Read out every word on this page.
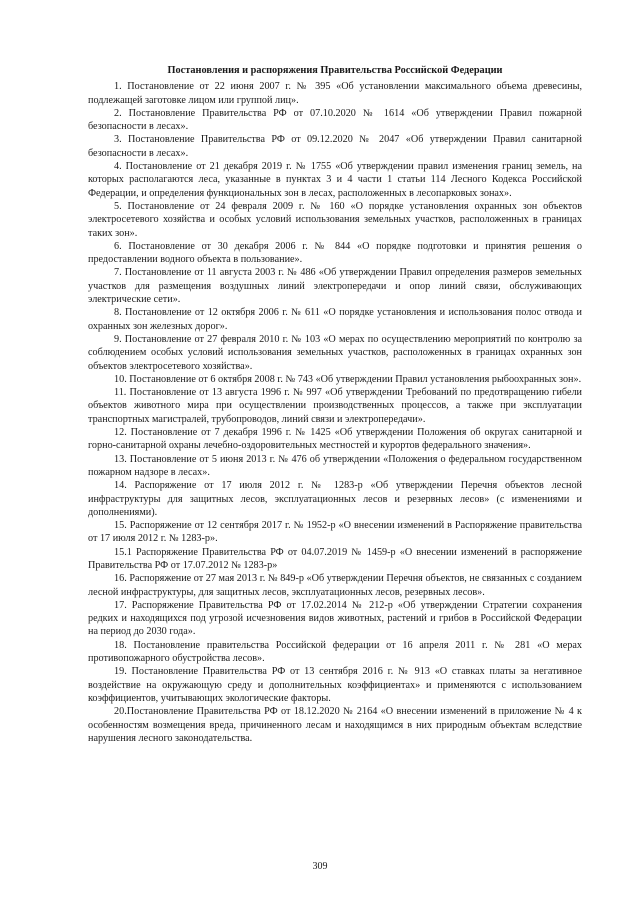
Постановления и распоряжения Правительства Российской Федерации

1. Постановление от 22 июня 2007 г. № 395 «Об установлении максимального объема древесины, подлежащей заготовке лицом или группой лиц».

2. Постановление Правительства РФ от 07.10.2020 № 1614 «Об утверждении Правил пожарной безопасности в лесах».

3. Постановление Правительства РФ от 09.12.2020 № 2047 «Об утверждении Правил санитарной безопасности в лесах».

4. Постановление от 21 декабря 2019 г. № 1755 «Об утверждении правил изменения границ земель, на которых располагаются леса, указанные в пунктах 3 и 4 части 1 статьи 114 Лесного Кодекса Российской Федерации, и определения функциональных зон в лесах, расположенных в лесопарковых зонах».

5. Постановление от 24 февраля 2009 г. № 160 «О порядке установления охранных зон объектов электросетевого хозяйства и особых условий использования земельных участков, расположенных в границах таких зон».

6. Постановление от 30 декабря 2006 г. № 844 «О порядке подготовки и принятия решения о предоставлении водного объекта в пользование».

7. Постановление от 11 августа 2003 г. № 486 «Об утверждении Правил определения размеров земельных участков для размещения воздушных линий электропередачи и опор линий связи, обслуживающих электрические сети».

8. Постановление от 12 октября 2006 г. № 611 «О порядке установления и использования полос отвода и охранных зон железных дорог».

9. Постановление от 27 февраля 2010 г. № 103 «О мерах по осуществлению мероприятий по контролю за соблюдением особых условий использования земельных участков, расположенных в границах охранных зон объектов электросетевого хозяйства».

10. Постановление от 6 октября 2008 г. № 743 «Об утверждении Правил установления рыбоохранных зон».

11. Постановление от 13 августа 1996 г. № 997 «Об утверждении Требований по предотвращению гибели объектов животного мира при осуществлении производственных процессов, а также при эксплуатации транспортных магистралей, трубопроводов, линий связи и электропередачи».

12. Постановление от 7 декабря 1996 г. № 1425 «Об утверждении Положения об округах санитарной и горно-санитарной охраны лечебно-оздоровительных местностей и курортов федерального значения».

13. Постановление от 5 июня 2013 г. № 476 об утверждении «Положения о федеральном государственном пожарном надзоре в лесах».

14. Распоряжение от 17 июля 2012 г. № 1283-р «Об утверждении Перечня объектов лесной инфраструктуры для защитных лесов, эксплуатационных лесов и резервных лесов» (с изменениями и дополнениями).

15. Распоряжение от 12 сентября 2017 г. № 1952-р «О внесении изменений в Распоряжение правительства от 17 июля 2012 г. № 1283-р».

15.1 Распоряжение Правительства РФ от 04.07.2019 № 1459-р «О внесении изменений в распоряжение Правительства РФ от 17.07.2012 № 1283-р»

16. Распоряжение от 27 мая 2013 г. № 849-р «Об утверждении Перечня объектов, не связанных с созданием лесной инфраструктуры, для защитных лесов, эксплуатационных лесов, резервных лесов».

17. Распоряжение Правительства РФ от 17.02.2014 № 212-р «Об утверждении Стратегии сохранения редких и находящихся под угрозой исчезновения видов животных, растений и грибов в Российской Федерации на период до 2030 года».

18. Постановление правительства Российской федерации от 16 апреля 2011 г. № 281 «О мерах противопожарного обустройства лесов».

19. Постановление Правительства РФ от 13 сентября 2016 г. № 913 «О ставках платы за негативное воздействие на окружающую среду и дополнительных коэффициентах» и применяются с использованием коэффициентов, учитывающих экологические факторы.

20.Постановление Правительства РФ от 18.12.2020 № 2164 «О внесении изменений в приложение № 4 к особенностям возмещения вреда, причиненного лесам и находящимся в них природным объектам вследствие нарушения лесного законодательства.

309
